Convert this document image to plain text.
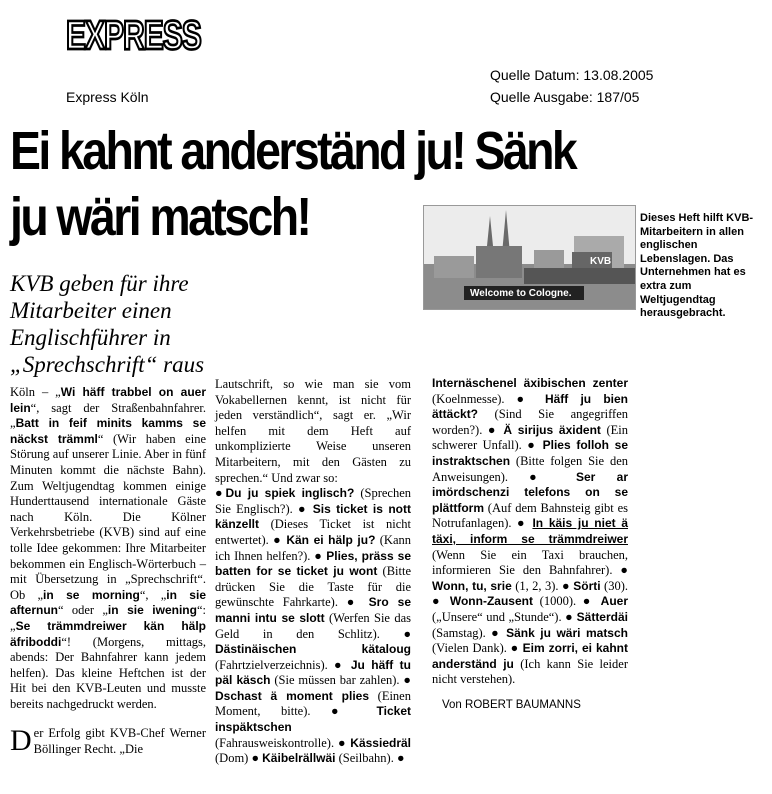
EXPRESS
Express Köln
Quelle Datum: 13.08.2005
Quelle Ausgabe: 187/05
Ei kahnt anderständ ju! Sänk
ju wäri matsch!
KVB geben für ihre Mitarbeiter einen Englischführer in „Sprechschrift“ raus
Welcome to Cologne.
KVB
Dieses Heft hilft KVB-Mitarbeitern in allen englischen Lebenslagen. Das Unternehmen hat es extra zum Weltjugendtag herausgebracht.
Köln – „Wi häff trabbel on auer lein“, sagt der Straßenbahnfahrer. „Batt in feif minits kamms se näckst trämml“ (Wir haben eine Störung auf unserer Linie. Aber in fünf Minuten kommt die nächste Bahn). Zum Weltjugendtag kommen einige Hunderttausend internationale Gäste nach Köln. Die Kölner Verkehrsbetriebe (KVB) sind auf eine tolle Idee gekommen: Ihre Mitarbeiter bekommen ein Englisch-Wörterbuch – mit Übersetzung in „Sprechschrift“. Ob „in se morning“, „in sie afternun“ oder „in sie iwening“: „Se trämmdreiwer kän hälp äfriboddi“! (Morgens, mittags, abends: Der Bahnfahrer kann jedem helfen). Das kleine Heftchen ist der Hit bei den KVB-Leuten und musste bereits nachgedruckt werden.
Der Erfolg gibt KVB-Chef Werner Böllinger Recht. „Die
Lautschrift, so wie man sie vom Vokabellernen kennt, ist nicht für jeden verständlich“, sagt er. „Wir helfen mit dem Heft auf unkomplizierte Weise unseren Mitarbeitern, mit den Gästen zu sprechen.“ Und zwar so:
●Du ju spiek inglisch? (Sprechen Sie Englisch?). ● Sis ticket is nott känzellt (Dieses Ticket ist nicht entwertet). ● Kän ei hälp ju? (Kann ich Ihnen helfen?). ● Plies, präss se batten for se ticket ju wont (Bitte drücken Sie die Taste für die gewünschte Fahrkarte). ● Sro se manni intu se slott (Werfen Sie das Geld in den Schlitz). ● Dästinäischen kätaloug (Fahrtzielverzeichnis). ● Ju häff tu päl käsch (Sie müssen bar zahlen). ● Dschast ä moment plies (Einen Moment, bitte). ● Ticket inspäktschen (Fahrausweiskontrolle). ● Kässiedräl (Dom) ● Käibelrällwäi (Seilbahn). ●
Internäschenel äxibischen zenter (Koelnmesse). ● Häff ju bien ättäckt? (Sind Sie angegriffen worden?). ● Ä sirijus äxident (Ein schwerer Unfall). ● Plies folloh se instraktschen (Bitte folgen Sie den Anweisungen). ● Ser ar imördschenzi telefons on se plättform (Auf dem Bahnsteig gibt es Notrufanlagen). ● In käis ju niet ä täxi, inform se trämmdreiwer (Wenn Sie ein Taxi brauchen, informieren Sie den Bahnfahrer). ● Wonn, tu, srie (1, 2, 3). ● Sörti (30). ● Wonn-Zausent (1000). ● Auer („Unsere“ und „Stunde“). ● Sätterdäi (Samstag). ● Sänk ju wäri matsch (Vielen Dank). ● Eim zorri, ei kahnt anderständ ju (Ich kann Sie leider nicht verstehen).
Von ROBERT BAUMANNS
